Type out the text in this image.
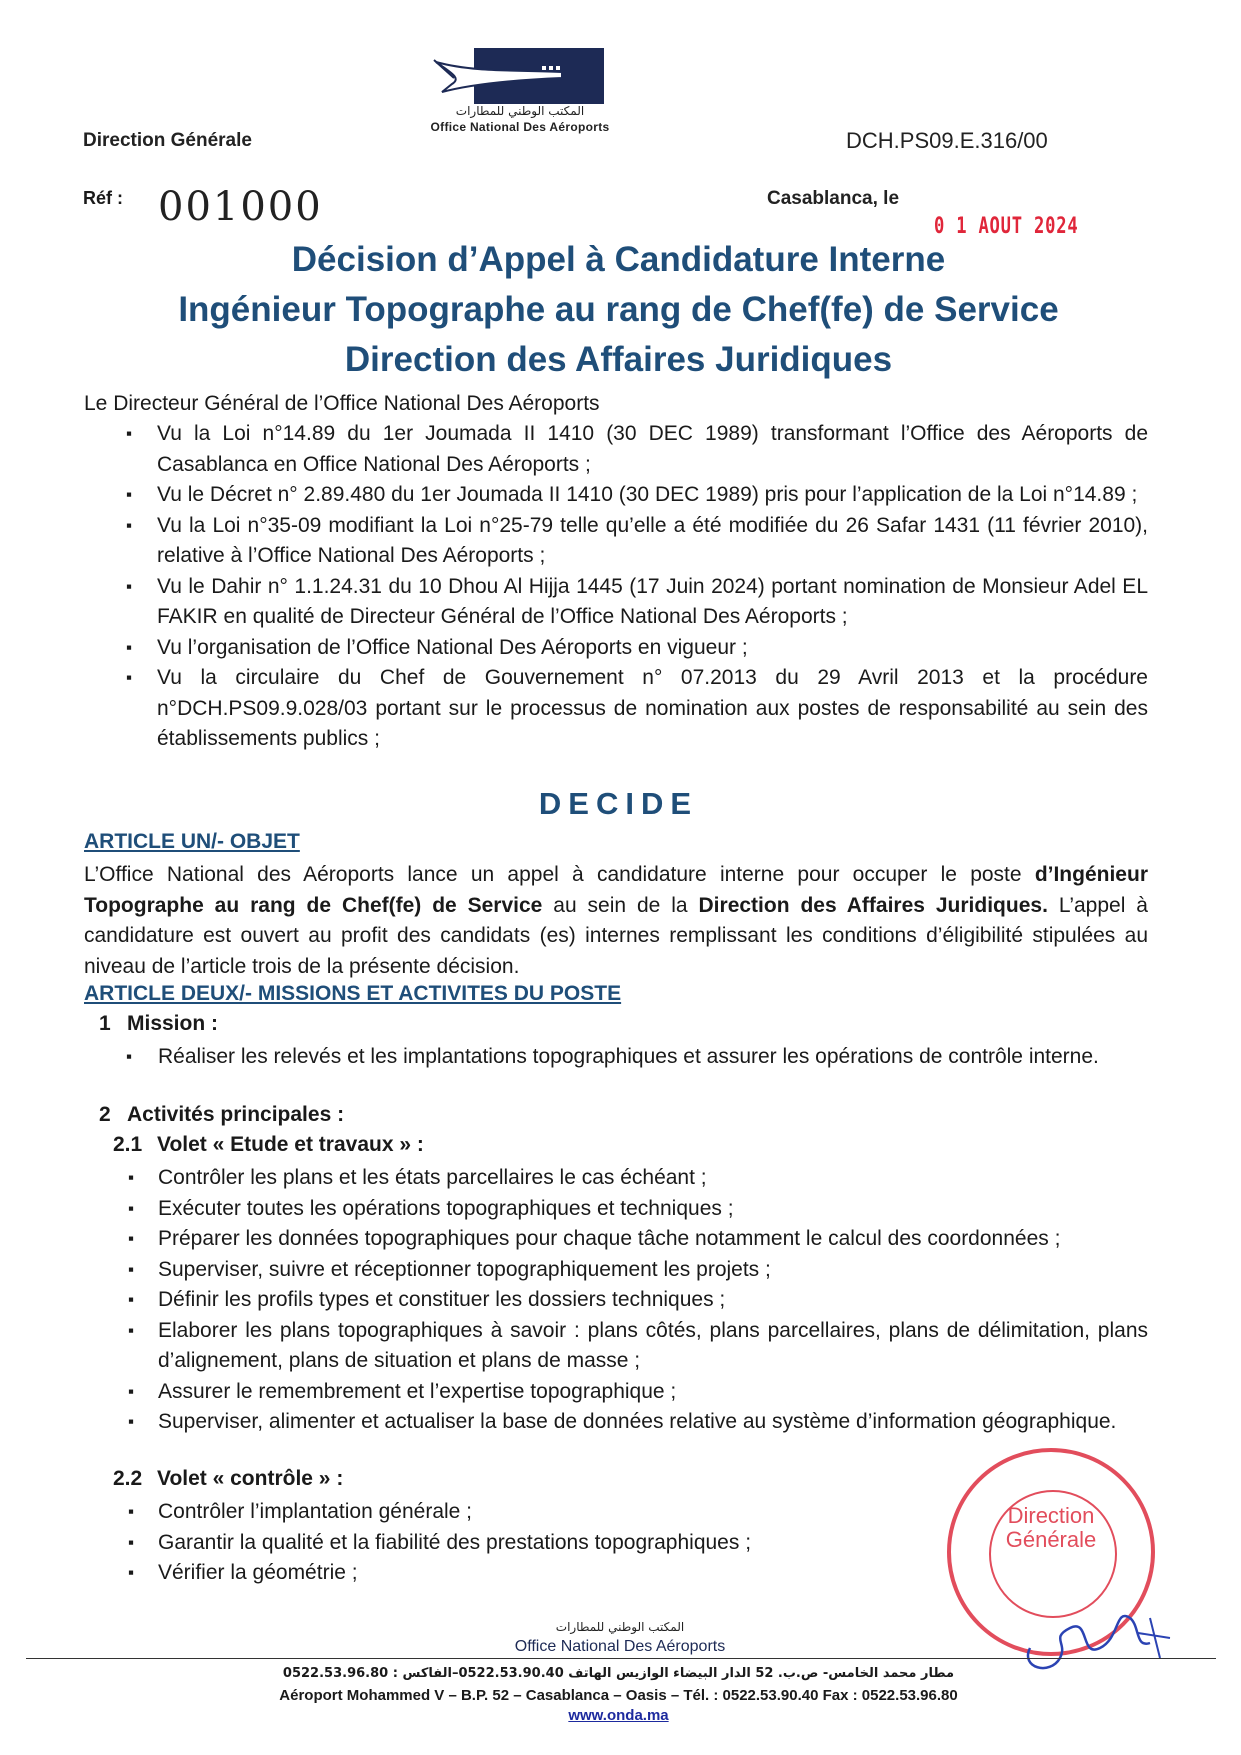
المكتب الوطني للمطارات
Office National Des Aéroports
Direction Générale	DCH.PS09.E.316/00
Réf : 001000	Casablanca, le
0 1 AOUT 2024
Décision d’Appel à Candidature Interne
Ingénieur Topographe au rang de Chef(fe) de Service
Direction des Affaires Juridiques
Le Directeur Général de l’Office National Des Aéroports
▪ Vu la Loi n°14.89 du 1er Joumada II 1410 (30 DEC 1989) transformant l’Office des Aéroports de Casablanca en Office National Des Aéroports ;
▪ Vu le Décret n° 2.89.480 du 1er Joumada II 1410 (30 DEC 1989) pris pour l’application de la Loi n°14.89 ;
▪ Vu la Loi n°35-09 modifiant la Loi n°25-79 telle qu’elle a été modifiée du 26 Safar 1431 (11 février 2010), relative à l’Office National Des Aéroports ;
▪ Vu le Dahir n° 1.1.24.31 du 10 Dhou Al Hijja 1445 (17 Juin 2024) portant nomination de Monsieur Adel EL FAKIR en qualité de Directeur Général de l’Office National Des Aéroports ;
▪ Vu l’organisation de l’Office National Des Aéroports en vigueur ;
▪ Vu la circulaire du Chef de Gouvernement n° 07.2013 du 29 Avril 2013 et la procédure n°DCH.PS09.9.028/03 portant sur le processus de nomination aux postes de responsabilité au sein des établissements publics ;
DECIDE
ARTICLE UN/- OBJET
L’Office National des Aéroports lance un appel à candidature interne pour occuper le poste d’Ingénieur Topographe au rang de Chef(fe) de Service au sein de la Direction des Affaires Juridiques. L’appel à candidature est ouvert au profit des candidats (es) internes remplissant les conditions d’éligibilité stipulées au niveau de l’article trois de la présente décision.
ARTICLE DEUX/- MISSIONS ET ACTIVITES DU POSTE
1 Mission :
▪ Réaliser les relevés et les implantations topographiques et assurer les opérations de contrôle interne.
2 Activités principales :
2.1 Volet « Etude et travaux » :
▪ Contrôler les plans et les états parcellaires le cas échéant ;
▪ Exécuter toutes les opérations topographiques et techniques ;
▪ Préparer les données topographiques pour chaque tâche notamment le calcul des coordonnées ;
▪ Superviser, suivre et réceptionner topographiquement les projets ;
▪ Définir les profils types et constituer les dossiers techniques ;
▪ Elaborer les plans topographiques à savoir : plans côtés, plans parcellaires, plans de délimitation, plans d’alignement, plans de situation et plans de masse ;
▪ Assurer le remembrement et l’expertise topographique ;
▪ Superviser, alimenter et actualiser la base de données relative au système d’information géographique.
2.2 Volet « contrôle » :
▪ Contrôler l’implantation générale ;
▪ Garantir la qualité et la fiabilité des prestations topographiques ;
▪ Vérifier la géométrie ;
Direction
Générale
المكتب الوطني للمطارات
Office National Des Aéroports
مطار محمد الخامس- ص.ب. 52 الدار البيضاء الوازيس الهاتف 0522.53.90.40–الفاكس : 0522.53.96.80
Aéroport Mohammed V – B.P. 52 – Casablanca – Oasis – Tél. : 0522.53.90.40 Fax : 0522.53.96.80
www.onda.ma
